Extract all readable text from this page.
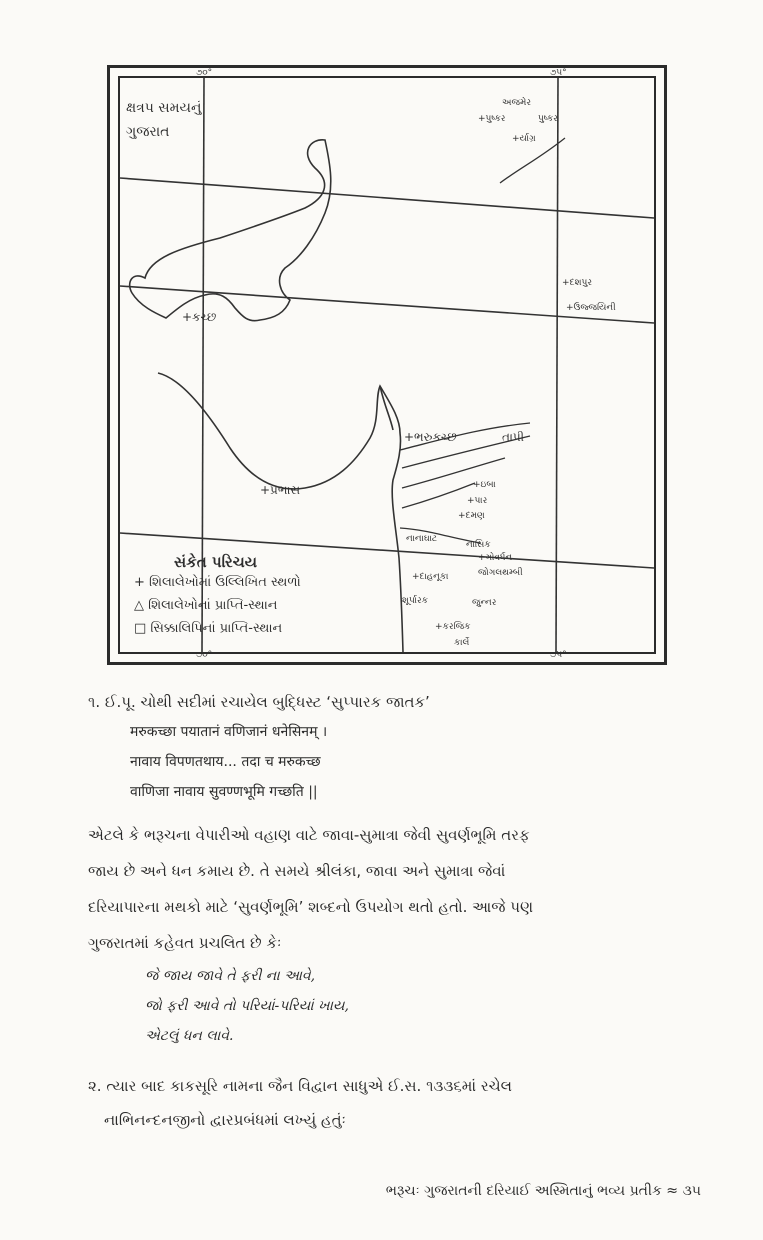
ક્ષત્રપ સમયનું
ગુજરાત
અજમેર
+પુષ્કર	પુષ્કર
+ર્યાગ્ર
+દશપુર
+ઉજ્જયિની
+કચ્છ
+ભરુકચ્છ	તાપી
+પ્રભાસ	+ઇબા
+પાર
+દમણ
નાનાઘાટ
નાસિક
+ગોવર્ધન
જોગલથમ્બી
+દાહનૂકા
શૂર્પારક	જુન્નર
+કરજિક
કાર્લે
સંકેત પરિચય
+ શિલાલેખોમાં ઉલ્લિખિત સ્થળો
△ શિલાલેખોનાં પ્રાપ્તિ-સ્થાન
□ સિક્કાલિપિનાં પ્રાપ્તિ-સ્થાન
૭૦°	૭૫°
૭૦°	૭૫°
૧. ઈ.પૂ. ચોથી સદીમાં રચાયેલ બુદ્ધિસ્ટ ‘સુપ્પારક જાતક’
मरुकच्छा पयातानं वणिजानं धनेसिनम् ।
नावाय विपणतथाय... तदा च मरुकच्छ
वाणिजा नावाय सुवण्णभूमि गच्छति ||
એટલે કે ભરૂચના વેપારીઓ વહાણ વાટે જાવા-સુમાત્રા જેવી સુવર્ણભૂમિ તરફ
જાય છે અને ધન કમાય છે. તે સમયે શ્રીલંકા, જાવા અને સુમાત્રા જેવાં
દરિયાપારના મથકો માટે ‘સુવર્ણભૂમિ’ શબ્દનો ઉપયોગ થતો હતો. આજે પણ
ગુજરાતમાં કહેવત પ્રચલિત છે કેઃ
જે જાય જાવે તે ફરી ના આવે,
જો ફરી આવે તો પરિયાં-પરિયાં ખાય,
એટલું ધન લાવે.
૨. ત્યાર બાદ કાકસૂરિ નામના જૈન વિદ્વાન સાધુએ ઈ.સ. ૧૩૩૬માં રચેલ
નાભિનન્દનજીનો દ્વારપ્રબંધમાં લખ્યું હતુંઃ
ભરૂચઃ ગુજરાતની દરિયાઈ અસ્મિતાનું ભવ્ય પ્રતીક ≈ ૩૫
